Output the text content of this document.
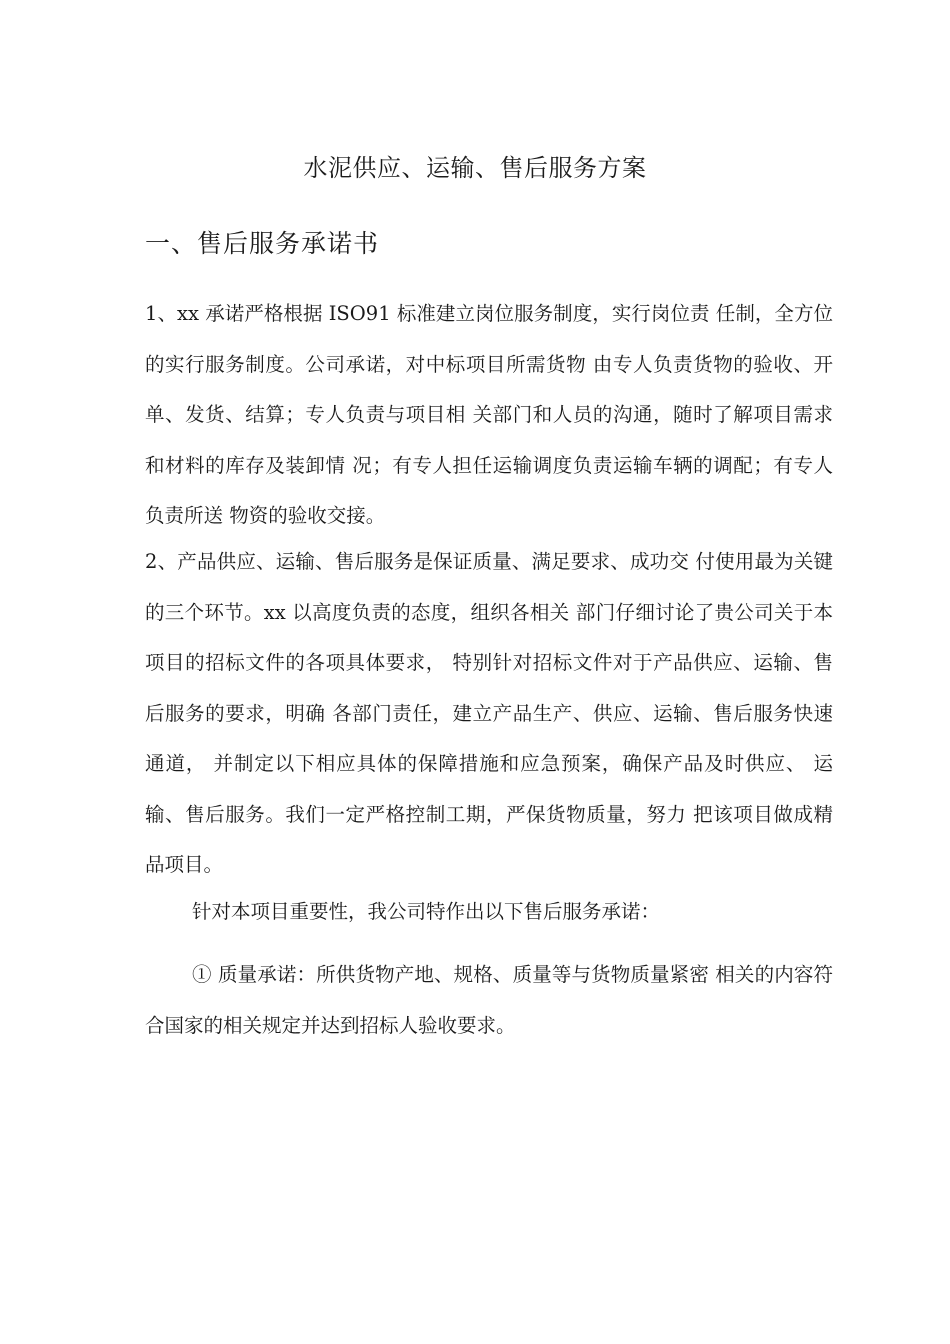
水泥供应、运输、售后服务方案
一、售后服务承诺书

1、xx 承诺严格根据 ISO91 标准建立岗位服务制度，实行岗位责 任制，全方位的实行服务制度。公司承诺，对中标项目所需货物 由专人负责货物的验收、开单、发货、结算；专人负责与项目相 关部门和人员的沟通，随时了解项目需求和材料的库存及装卸情 况；有专人担任运输调度负责运输车辆的调配；有专人负责所送 物资的验收交接。

2、产品供应、运输、售后服务是保证质量、满足要求、成功交 付使用最为关键的三个环节。xx 以高度负责的态度，组织各相关 部门仔细讨论了贵公司关于本项目的招标文件的各项具体要求， 特别针对招标文件对于产品供应、运输、售后服务的要求，明确 各部门责任，建立产品生产、供应、运输、售后服务快速通道， 并制定以下相应具体的保障措施和应急预案，确保产品及时供应、 运输、售后服务。我们一定严格控制工期，严保货物质量，努力 把该项目做成精品项目。

针对本项目重要性，我公司特作出以下售后服务承诺：

① 质量承诺：所供货物产地、规格、质量等与货物质量紧密 相关的内容符合国家的相关规定并达到招标人验收要求。
